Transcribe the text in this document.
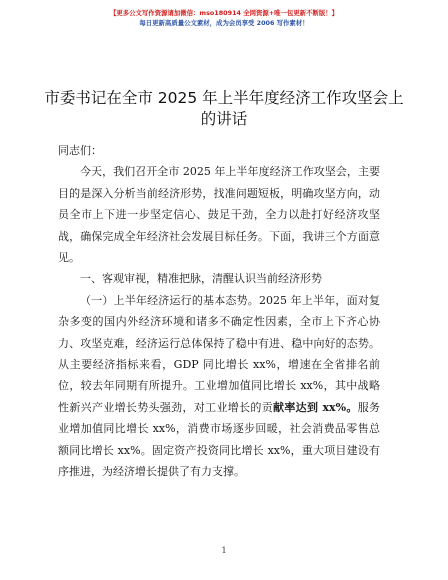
【更多公文写作资源请加微信：mso180914 全网资源+唯一包更新不断版！】
每日更新高质量公文素材，成为会员享受 2006 写作素材！
市委书记在全市 2025 年上半年度经济工作攻坚会上的讲话

同志们：

今天，我们召开全市 2025 年上半年度经济工作攻坚会，主要目的是深入分析当前经济形势，找准问题短板，明确攻坚方向，动员全市上下进一步坚定信心、鼓足干劲，全力以赴打好经济攻坚战，确保完成全年经济社会发展目标任务。下面，我讲三个方面意见。

一、客观审视，精准把脉，清醒认识当前经济形势

（一）上半年经济运行的基本态势。2025 年上半年，面对复杂多变的国内外经济环境和诸多不确定性因素，全市上下齐心协力、攻坚克难，经济运行总体保持了稳中有进、稳中向好的态势。从主要经济指标来看，GDP 同比增长 xx%，增速在全省排名前位，较去年同期有所提升。工业增加值同比增长 xx%，其中战略性新兴产业增长势头强劲，对工业增长的贡献率达到 xx%。服务业增加值同比增长 xx%，消费市场逐步回暖，社会消费品零售总额同比增长 xx%。固定资产投资同比增长 xx%，重大项目建设有序推进，为经济增长提供了有力支撑。

1
